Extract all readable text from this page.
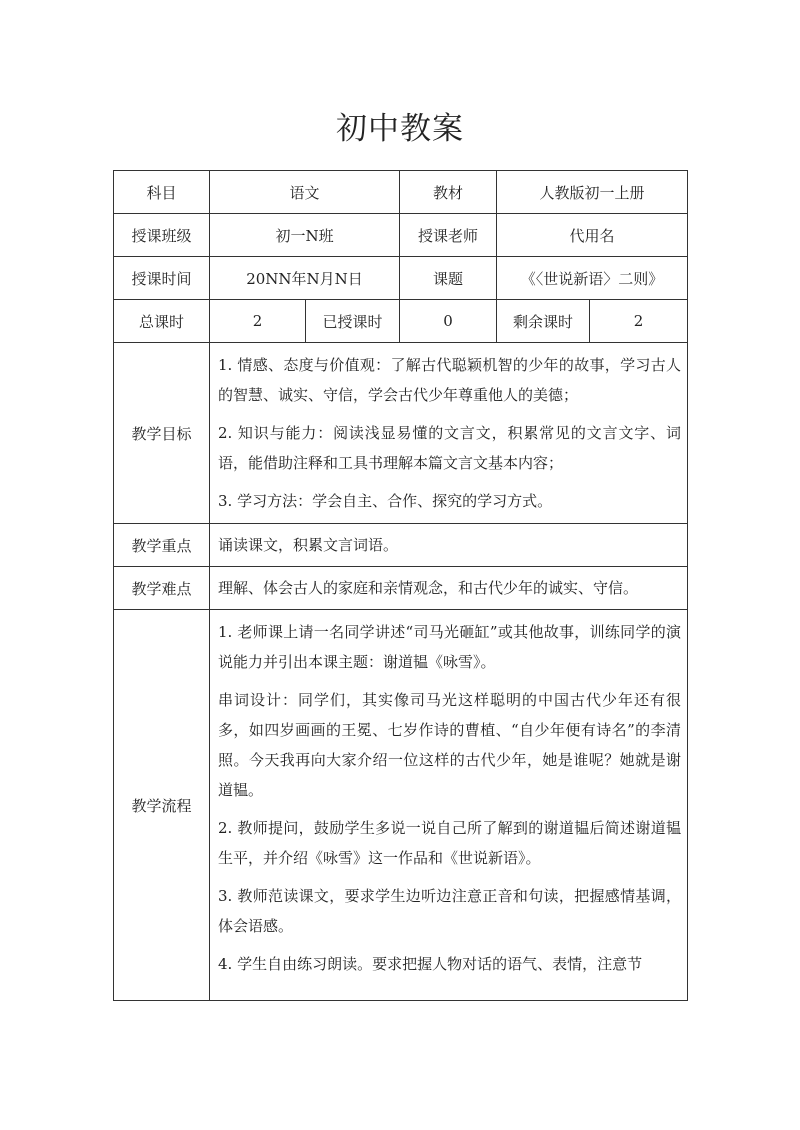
初中教案
科目	语文		教材	人教版初一上册	
授课班级	初一N班		授课老师	代用名	
授课时间	20NN年N月N日		课题	《〈世说新语〉二则》	
总课时	2	已授课时	0	剩余课时	2
教学目标	1. 情感、态度与价值观：了解古代聪颖机智的少年的故事，学习古人的智慧、诚实、守信，学会古代少年尊重他人的美德；

2. 知识与能力：阅读浅显易懂的文言文，积累常见的文言文字、词语，能借助注释和工具书理解本篇文言文基本内容；

3. 学习方法：学会自主、合作、探究的学习方式。				

教学重点	诵读课文，积累文言词语。				

教学难点	理解、体会古人的家庭和亲情观念，和古代少年的诚实、守信。				

教学流程	1. 老师课上请一名同学讲述“司马光砸缸”或其他故事，训练同学的演说能力并引出本课主题：谢道韫《咏雪》。

串词设计：同学们，其实像司马光这样聪明的中国古代少年还有很多，如四岁画画的王冕、七岁作诗的曹植、“自少年便有诗名”的李清照。今天我再向大家介绍一位这样的古代少年，她是谁呢？她就是谢道韫。

2. 教师提问，鼓励学生多说一说自己所了解到的谢道韫后简述谢道韫生平，并介绍《咏雪》这一作品和《世说新语》。

3. 教师范读课文，要求学生边听边注意正音和句读，把握感情基调，体会语感。

4. 学生自由练习朗读。要求把握人物对话的语气、表情，注意节				
